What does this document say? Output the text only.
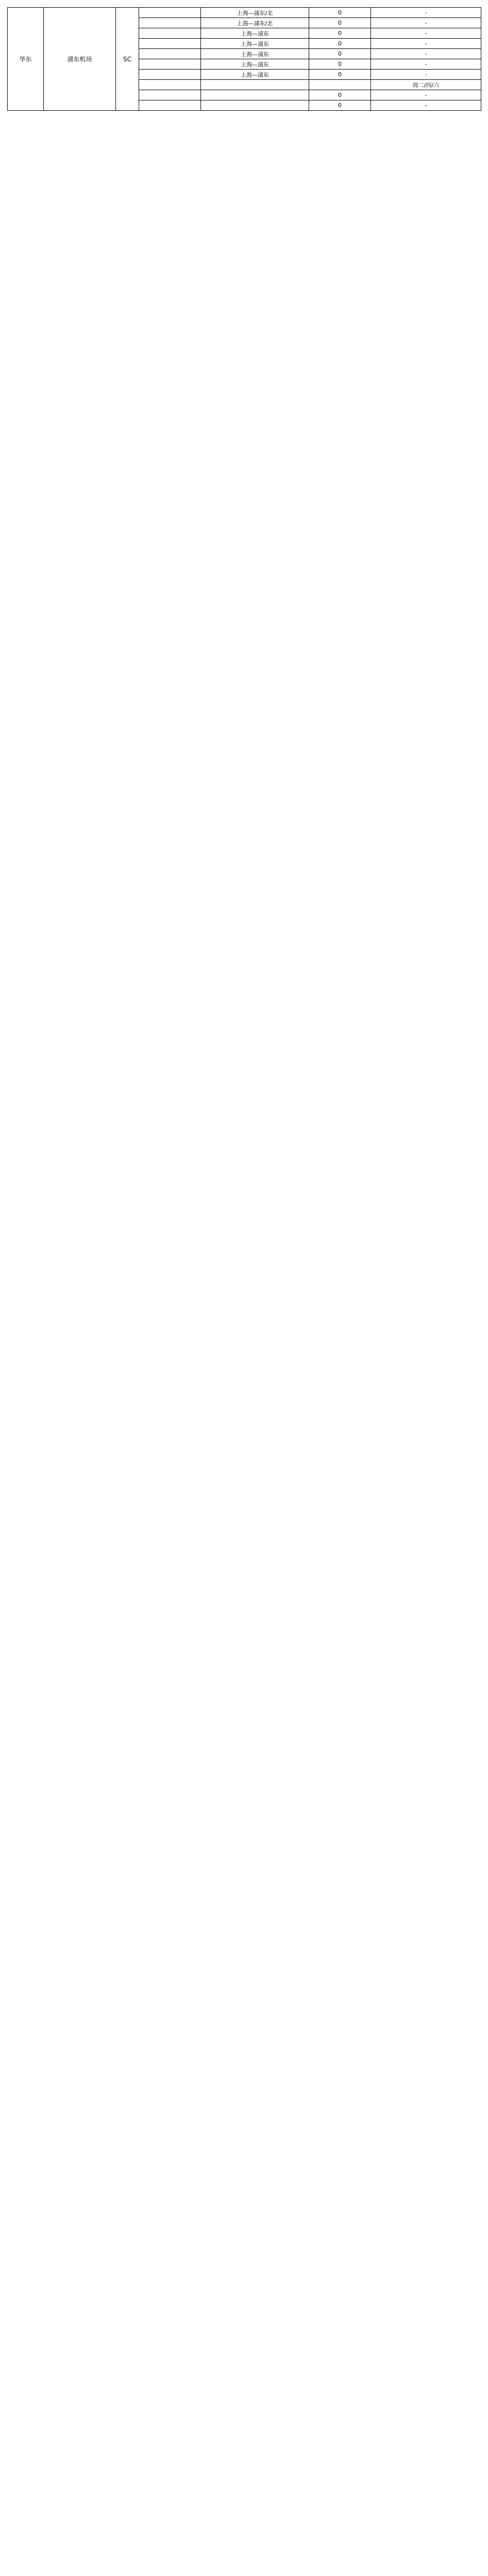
华东	浦东机场	SC		上海—浦东/北	0	-
				上海—浦东/北	0	-
				上海—浦东	0	-
				上海—浦东	0	-
				上海—浦东	0	-
				上海—浦东	0	-
				上海—浦东	0	-
						周二/四/六
					0	-
					0	-
